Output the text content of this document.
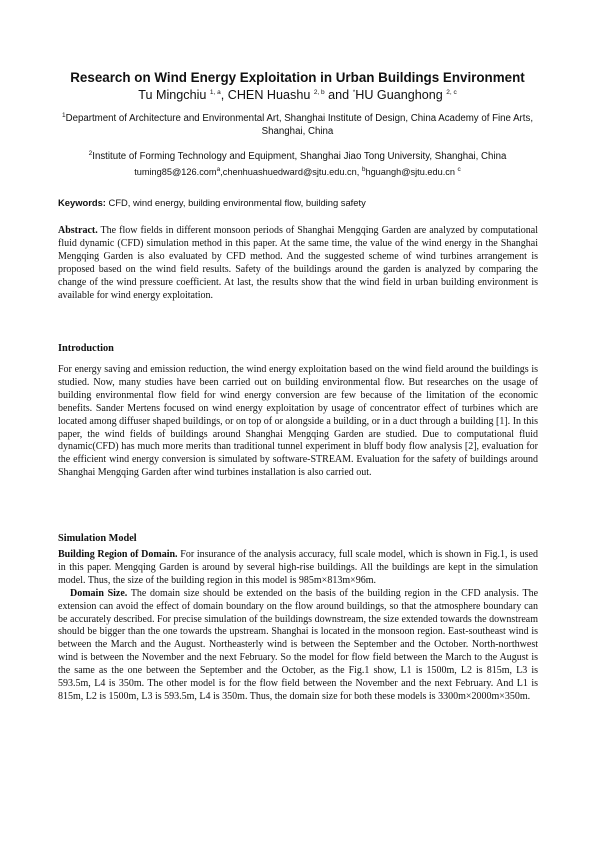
Research on Wind Energy Exploitation in Urban Buildings Environment
Tu Mingchiu $^{1, a}$, CHEN Huashu $^{2, b}$ and *HU Guanghong $^{2, c}$
$^1$Department of Architecture and Environmental Art, Shanghai Institute of Design, China Academy of Fine Arts, Shanghai, China
$^2$Institute of Forming Technology and Equipment, Shanghai Jiao Tong University, Shanghai, China
tuming85@126.com$^a$,chenhuashuedward@sjtu.edu.cn, $^b$hguangh@sjtu.edu.cn $^c$
Keywords: CFD, wind energy, building environmental flow, building safety

Abstract. The flow fields in different monsoon periods of Shanghai Mengqing Garden are analyzed by computational fluid dynamic (CFD) simulation method in this paper. At the same time, the value of the wind energy in the Shanghai Mengqing Garden is also evaluated by CFD method. And the suggested scheme of wind turbines arrangement is proposed based on the wind field results. Safety of the buildings around the garden is analyzed by comparing the change of the wind pressure coefficient. At last, the results show that the wind field in urban building environment is available for wind energy exploitation.

Introduction

For energy saving and emission reduction, the wind energy exploitation based on the wind field around the buildings is studied. Now, many studies have been carried out on building environmental flow. But researches on the usage of building environmental flow field for wind energy conversion are few because of the limitation of the economic benefits. Sander Mertens focused on wind energy exploitation by usage of concentrator effect of turbines which are located among diffuser shaped buildings, or on top of or alongside a building, or in a duct through a building [1]. In this paper, the wind fields of buildings around Shanghai Mengqing Garden are studied. Due to computational fluid dynamic(CFD) has much more merits than traditional tunnel experiment in bluff body flow analysis [2], evaluation for the efficient wind energy conversion is simulated by software-STREAM. Evaluation for the safety of buildings around Shanghai Mengqing Garden after wind turbines installation is also carried out.

Simulation Model

Building Region of Domain. For insurance of the analysis accuracy, full scale model, which is shown in Fig.1, is used in this paper. Mengqing Garden is around by several high-rise buildings. All the buildings are kept in the simulation model. Thus, the size of the building region in this model is 985m×813m×96m.

Domain Size. The domain size should be extended on the basis of the building region in the CFD analysis. The extension can avoid the effect of domain boundary on the flow around buildings, so that the atmosphere boundary can be accurately described. For precise simulation of the buildings downstream, the size extended towards the downstream should be bigger than the one towards the upstream. Shanghai is located in the monsoon region. East-southeast wind is between the March and the August. Northeasterly wind is between the September and the October. North-northwest wind is between the November and the next February. So the model for flow field between the March to the August is the same as the one between the September and the October, as the Fig.1 show, L1 is 1500m, L2 is 815m, L3 is 593.5m, L4 is 350m. The other model is for the flow field between the November and the next February. And L1 is 815m, L2 is 1500m, L3 is 593.5m, L4 is 350m. Thus, the domain size for both these models is 3300m×2000m×350m.
